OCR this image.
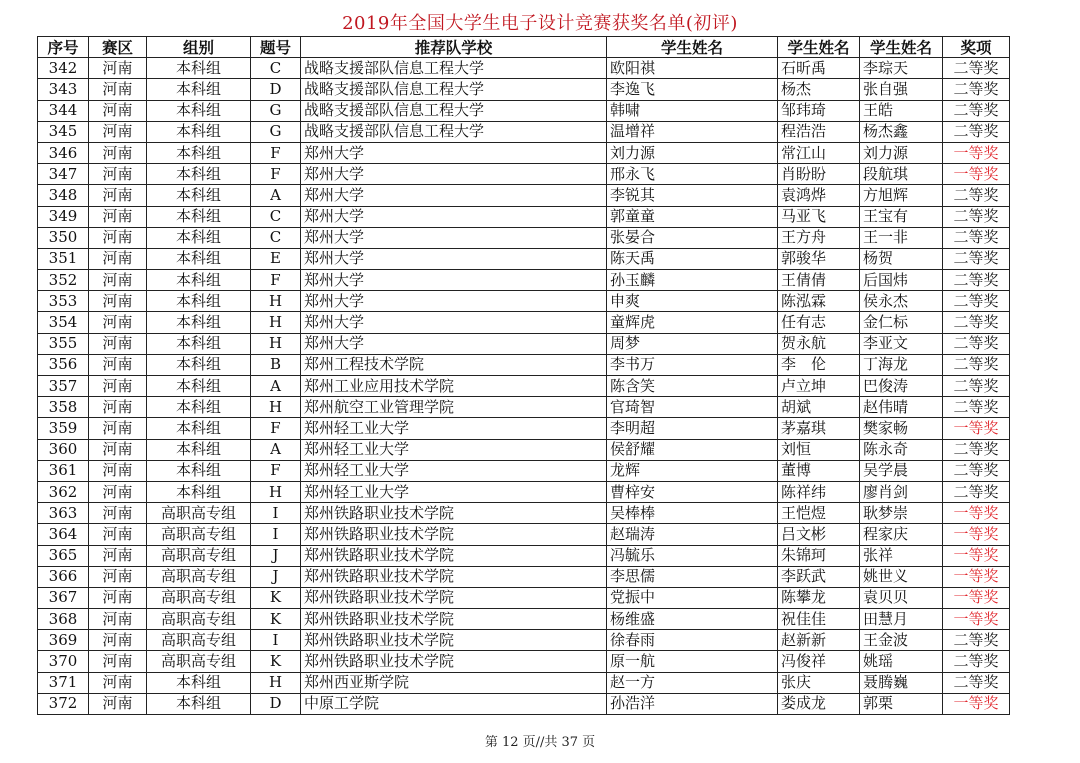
2019年全国大学生电子设计竞赛获奖名单(初评)
序号	赛区	组别	题号	推荐队学校	学生姓名	学生姓名	学生姓名	奖项
342	河南	本科组	C	战略支援部队信息工程大学	欧阳祺	石昕禹	李琮天	二等奖
343	河南	本科组	D	战略支援部队信息工程大学	李逸飞	杨杰	张自强	二等奖
344	河南	本科组	G	战略支援部队信息工程大学	韩啸	邹玮琦	王皓	二等奖
345	河南	本科组	G	战略支援部队信息工程大学	温增祥	程浩浩	杨杰鑫	二等奖
346	河南	本科组	F	郑州大学	刘力源	常江山	刘力源	一等奖
347	河南	本科组	F	郑州大学	邢永飞	肖盼盼	段航琪	一等奖
348	河南	本科组	A	郑州大学	李锐其	袁鸿烨	方旭辉	二等奖
349	河南	本科组	C	郑州大学	郭童童	马亚飞	王宝有	二等奖
350	河南	本科组	C	郑州大学	张晏合	王方舟	王一非	二等奖
351	河南	本科组	E	郑州大学	陈天禹	郭骏华	杨贺	二等奖
352	河南	本科组	F	郑州大学	孙玉麟	王倩倩	后国炜	二等奖
353	河南	本科组	H	郑州大学	申爽	陈泓霖	侯永杰	二等奖
354	河南	本科组	H	郑州大学	童辉虎	任有志	金仁标	二等奖
355	河南	本科组	H	郑州大学	周梦	贺永航	李亚文	二等奖
356	河南	本科组	B	郑州工程技术学院	李书万	李　伦	丁海龙	二等奖
357	河南	本科组	A	郑州工业应用技术学院	陈含笑	卢立坤	巴俊涛	二等奖
358	河南	本科组	H	郑州航空工业管理学院	官琦智	胡斌	赵伟晴	二等奖
359	河南	本科组	F	郑州轻工业大学	李明超	茅嘉琪	樊家畅	一等奖
360	河南	本科组	A	郑州轻工业大学	侯舒耀	刘恒	陈永奇	二等奖
361	河南	本科组	F	郑州轻工业大学	龙辉	董博	吴学晨	二等奖
362	河南	本科组	H	郑州轻工业大学	曹梓安	陈祥纬	廖肖剑	二等奖
363	河南	高职高专组	I	郑州铁路职业技术学院	吴棒棒	王恺煜	耿梦崇	一等奖
364	河南	高职高专组	I	郑州铁路职业技术学院	赵瑞涛	吕文彬	程家庆	一等奖
365	河南	高职高专组	J	郑州铁路职业技术学院	冯毓乐	朱锦珂	张祥	一等奖
366	河南	高职高专组	J	郑州铁路职业技术学院	李思儒	李跃武	姚世义	一等奖
367	河南	高职高专组	K	郑州铁路职业技术学院	党振中	陈攀龙	袁贝贝	一等奖
368	河南	高职高专组	K	郑州铁路职业技术学院	杨维盛	祝佳佳	田慧月	一等奖
369	河南	高职高专组	I	郑州铁路职业技术学院	徐春雨	赵新新	王金波	二等奖
370	河南	高职高专组	K	郑州铁路职业技术学院	原一航	冯俊祥	姚瑶	二等奖
371	河南	本科组	H	郑州西亚斯学院	赵一方	张庆	聂腾巍	二等奖
372	河南	本科组	D	中原工学院	孙浩洋	娄成龙	郭栗	一等奖
第 12 页//共 37 页
